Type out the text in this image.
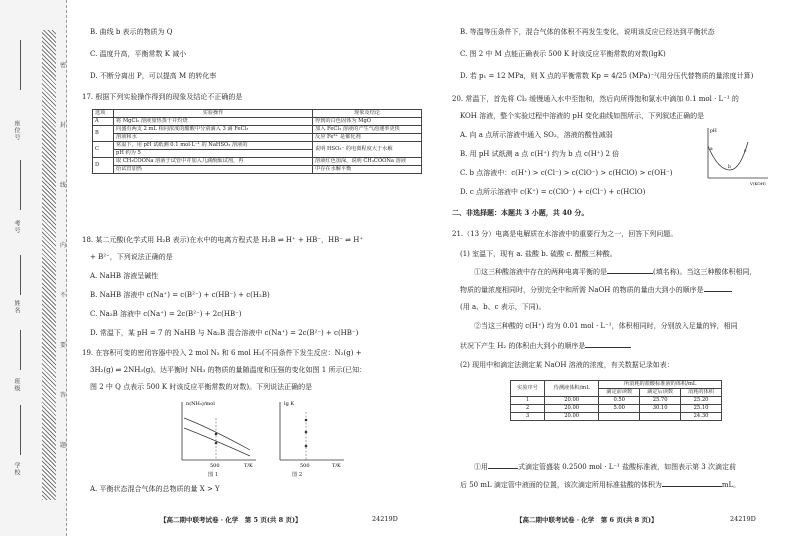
座位号
考号
姓名
班级
学校
密
封
线
内
不
要
答
题
B. 曲线 b 表示的物质为 Q
C. 温度升高，平衡常数 K 减小
D. 不断分离出 P，可以提高 M 的转化率
17. 根据下列实验操作得到的现象及结论不正确的是
选项	实验操作	现象及结论
A	将 MgCl₂ 溶液加热蒸干并灼烧	得到的白色固体为 MgO
B	向盛有两支 2 mL 相同浓度的醋酸中分别滴入 3 滴 FeCl₃	加入 FeCl₃ 溶液的产生气泡速率更快
	溶液和水	反应 Fe³⁺ 是催化剂
C	常温下，用 pH 试纸测 0.1 mol·L⁻¹ 的 NaHSO₃ 溶液的	说明 HSO₃⁻ 的电离程度大于水解
	pH 约为 5	
D	取 CH₃COONa 溶液于试管中并加入几滴酚酞试剂，再	溶液红色加深，说明 CH₃COONa 溶液
	给试管加热	中存在水解平衡
18. 某二元酸(化学式用 H₂B 表示)在水中的电离方程式是 H₂B ⇌ H⁺ + HB⁻，HB⁻ ⇌ H⁺
+ B²⁻，下列说法正确的是
A. NaHB 溶液呈碱性
B. NaHB 溶液中 c(Na⁺) = c(B²⁻) + c(HB⁻) + c(H₂B)
C. Na₂B 溶液中 c(Na⁺) = 2c(B²⁻) + 2c(HB⁻)
D. 常温下，某 pH = 7 的 NaHB 与 Na₂B 混合溶液中 c(Na⁺) = 2c(B²⁻) + c(HB⁻)
19. 在容积可变的密闭容器中投入 2 mol N₂ 和 6 mol H₂(不同条件下发生反应：N₂(g) +
3H₂(g) ⇌ 2NH₃(g)。达平衡时 NH₃ 的物质的量随温度和压强的变化如图 1 所示(已知：
图 2 中 Q 点表示 500 K 时该反应平衡常数的对数)。下列说法正确的是
n(NH₃)/mol
T/K
500
图 1
lg K
T/K
500
图 2
A. 平衡状态混合气体的总物质的量 X > Y
【高二期中联考试卷 · 化学　第 5 页(共 8 页)】	24219D
B. 等温等压条件下，混合气体的体积不再发生变化，说明该反应已经达到平衡状态
C. 图 2 中 M 点能正确表示 500 K 时该反应平衡常数的对数(lgK)
D. 若 p₁ = 12 MPa，则 X 点的平衡常数 Kp = 4/25 (MPa)⁻²(用分压代替物质的量浓度计算)
20. 常温下，首先将 Cl₂ 缓慢通入水中至饱和，然后向所得饱和氯水中滴加 0.1 mol · L⁻¹ 的
KOH 溶液，整个实验过程中溶液的 pH 变化曲线如图所示，下列叙述正确的是
A. 向 a 点所示溶液中通入 SO₂，溶液的酸性减弱
B. 用 pH 试纸测 a 点 c(H⁺) 约为 b 点 c(H⁺) 2 倍
C. b 点溶液中：c(H⁺) > c(Cl⁻) > c(ClO⁻) > c(HClO) > c(OH⁻)
D. c 点所示溶液中 c(K⁺) = c(ClO⁻) + c(Cl⁻) + c(HClO)
pH
V(KOH)
a
b
c
二、非选择题：本题共 3 小题，共 40 分。
21.（13 分）电离是电解质在水溶液中的重要行为之一，回答下列问题。
(1) 室温下，现有 a. 盐酸 b. 硫酸 c. 醋酸三种酸。
①这三种酸溶液中存在的两种电离平衡的是	(填名称)。当这三种酸体积相同，
物质的量浓度相同时，分别完全中和所需 NaOH 的物质的量由大到小的顺序是
(用 a、b、c 表示，下同)。
②当这三种酸的 c(H⁺) 均为 0.01 mol · L⁻¹，体积相同时，分别放入足量的锌，相同
状况下产生 H₂ 的体积由大到小的顺序是
(2) 现用中和滴定法测定某 NaOH 溶液的浓度，有关数据记录如表：
实验序号	待测液体积/mL	所消耗的盐酸标准液的体积/mL		
		滴定前读数	滴定后读数	消耗的体积
1	20.00	0.50	25.70	25.20
2	20.00	5.00	30.10	25.10
3	20.00			24.30
①用	式滴定管盛装 0.2500 mol · L⁻¹ 盐酸标准液，如图表示第 3 次滴定前
后 50 mL 滴定管中液面的位置，该次滴定所用标准盐酸的体积为	mL。
【高二期中联考试卷 · 化学　第 6 页(共 8 页)】	24219D
